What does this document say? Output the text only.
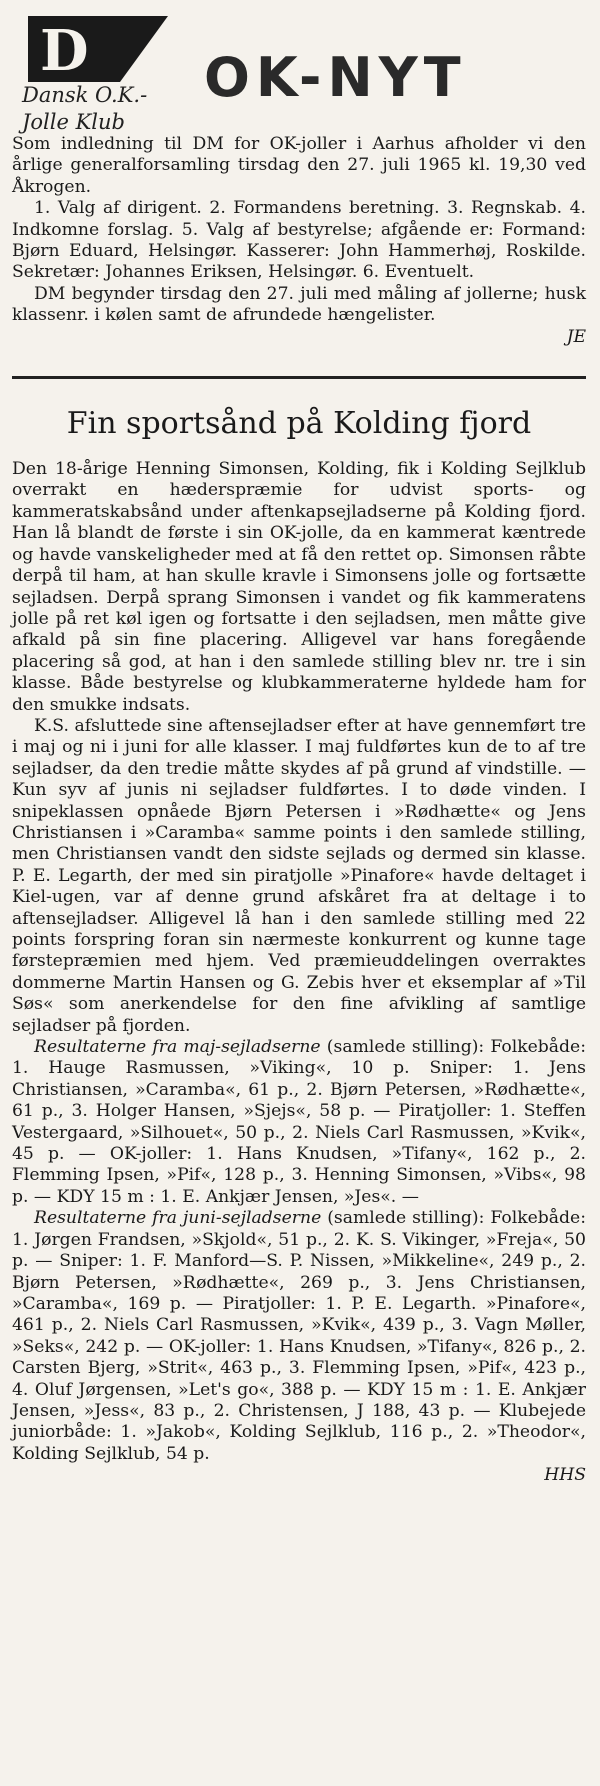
D
Dansk O.K.-
Jolle Klub
OK-NYT

Som indledning til DM for OK-joller i Aarhus afholder vi den årlige generalforsamling tirsdag den 27. juli 1965 kl. 19,30 ved Åkrogen.

1. Valg af dirigent. 2. Formandens beretning. 3. Regnskab. 4. Indkomne forslag. 5. Valg af bestyrelse; afgående er: Formand: Bjørn Eduard, Helsingør. Kasserer: John Hammerhøj, Roskilde. Sekretær: Johannes Eriksen, Helsingør. 6. Eventuelt.

DM begynder tirsdag den 27. juli med måling af jollerne; husk klassenr. i kølen samt de afrundede hængelister.

JE

Fin sportsånd på Kolding fjord

Den 18-årige Henning Simonsen, Kolding, fik i Kolding Sejlklub overrakt en hæderspræmie for udvist sports- og kammeratskabsånd under aftenkapsejladserne på Kolding fjord. Han lå blandt de første i sin OK-jolle, da en kammerat kæntrede og havde vanskeligheder med at få den rettet op. Simonsen råbte derpå til ham, at han skulle kravle i Simonsens jolle og fortsætte sejladsen. Derpå sprang Simonsen i vandet og fik kammeratens jolle på ret køl igen og fortsatte i den sejladsen, men måtte give afkald på sin fine placering. Alligevel var hans foregående placering så god, at han i den samlede stilling blev nr. tre i sin klasse. Både bestyrelse og klubkammeraterne hyldede ham for den smukke indsats.

K.S. afsluttede sine aftensejladser efter at have gennemført tre i maj og ni i juni for alle klasser. I maj fuldførtes kun de to af tre sejladser, da den tredie måtte skydes af på grund af vindstille. — Kun syv af junis ni sejladser fuldførtes. I to døde vinden. I snipeklassen opnåede Bjørn Petersen i »Rødhætte« og Jens Christiansen i »Caramba« samme points i den samlede stilling, men Christiansen vandt den sidste sejlads og dermed sin klasse. P. E. Legarth, der med sin piratjolle »Pinafore« havde deltaget i Kiel-ugen, var af denne grund afskåret fra at deltage i to aftensejladser. Alligevel lå han i den samlede stilling med 22 points forspring foran sin nærmeste konkurrent og kunne tage førstepræmien med hjem. Ved præmieuddelingen overraktes dommerne Martin Hansen og G. Zebis hver et eksemplar af »Til Søs« som anerkendelse for den fine afvikling af samtlige sejladser på fjorden.

Resultaterne fra maj-sejladserne (samlede stilling): Folkebåde: 1. Hauge Rasmussen, »Viking«, 10 p. Sniper: 1. Jens Christiansen, »Caramba«, 61 p., 2. Bjørn Petersen, »Rødhætte«, 61 p., 3. Holger Hansen, »Sjejs«, 58 p. — Piratjoller: 1. Steffen Vestergaard, »Silhouet«, 50 p., 2. Niels Carl Rasmussen, »Kvik«, 45 p. — OK-joller: 1. Hans Knudsen, »Tifany«, 162 p., 2. Flemming Ipsen, »Pif«, 128 p., 3. Henning Simonsen, »Vibs«, 98 p. — KDY 15 m : 1. E. Ankjær Jensen, »Jes«. —

Resultaterne fra juni-sejladserne (samlede stilling): Folkebåde: 1. Jørgen Frandsen, »Skjold«, 51 p., 2. K. S. Vikinger, »Freja«, 50 p. — Sniper: 1. F. Manford—S. P. Nissen, »Mikkeline«, 249 p., 2. Bjørn Petersen, »Rødhætte«, 269 p., 3. Jens Christiansen, »Caramba«, 169 p. — Piratjoller: 1. P. E. Legarth. »Pinafore«, 461 p., 2. Niels Carl Rasmussen, »Kvik«, 439 p., 3. Vagn Møller, »Seks«, 242 p. — OK-joller: 1. Hans Knudsen, »Tifany«, 826 p., 2. Carsten Bjerg, »Strit«, 463 p., 3. Flemming Ipsen, »Pif«, 423 p., 4. Oluf Jørgensen, »Let's go«, 388 p. — KDY 15 m : 1. E. Ankjær Jensen, »Jess«, 83 p., 2. Christensen, J 188, 43 p. — Klubejede juniorbåde: 1. »Jakob«, Kolding Sejlklub, 116 p., 2. »Theodor«, Kolding Sejlklub, 54 p.

HHS
